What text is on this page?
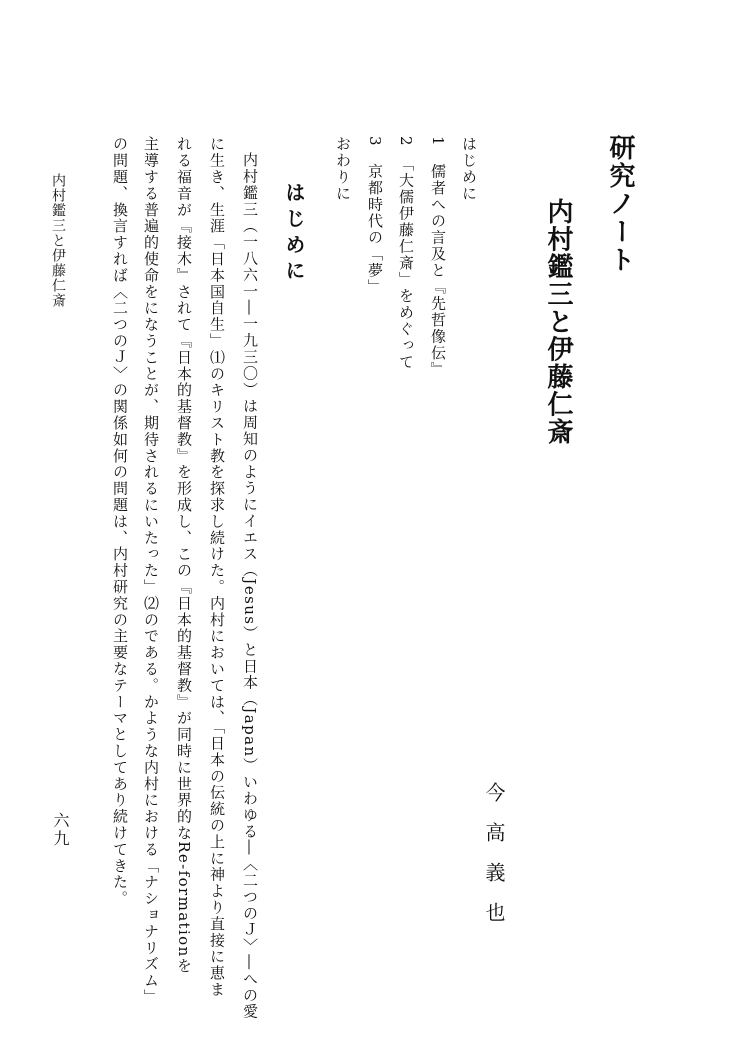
研究ノート
内村鑑三と伊藤仁斎
今高義也
はじめに
1　儒者への言及と『先哲像伝』
2　「大儒伊藤仁斎」をめぐって
3　京都時代の「夢」
おわりに
はじめに

内村鑑三（一八六一―一九三〇）は周知のようにイエス（Jesus）と日本（Japan）いわゆる―〈二つのＪ〉―への愛

に生き、生涯「日本国自生」⑴のキリスト教を探求し続けた。内村においては、「日本の伝統の上に神より直接に恵ま

れる福音が『接木』されて『日本的基督教』を形成し、この『日本的基督教』が同時に世界的なRe-formationを

主導する普遍的使命をになうことが、期待されるにいたった」⑵のである。かような内村における「ナショナリズム」

の問題、換言すれば〈二つのＪ〉の関係如何の問題は、内村研究の主要なテーマとしてあり続けてきた。

内村鑑三と伊藤仁斎
六九
